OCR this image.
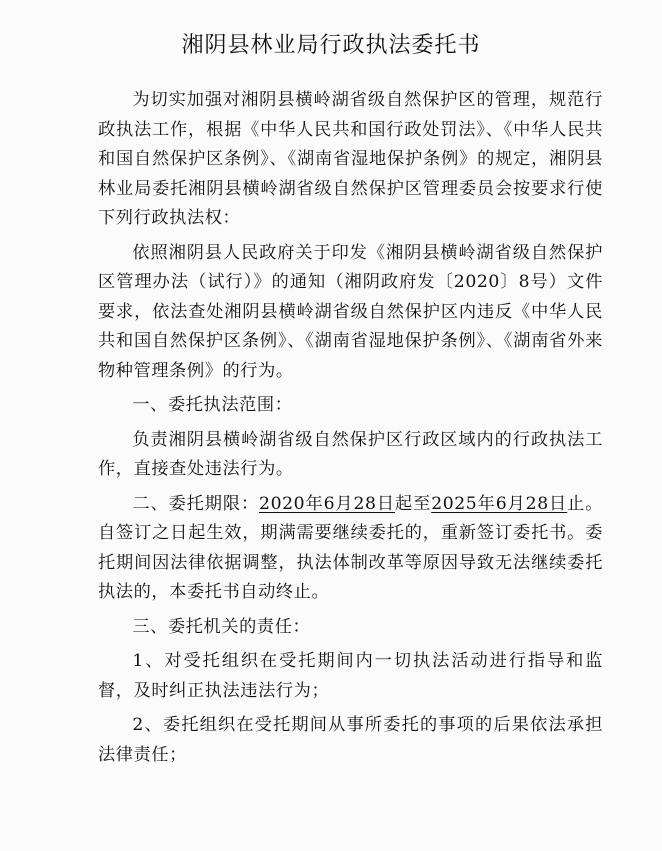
湘阴县林业局行政执法委托书

为切实加强对湘阴县横岭湖省级自然保护区的管理，规范行政执法工作，根据《中华人民共和国行政处罚法》、《中华人民共和国自然保护区条例》、《湖南省湿地保护条例》的规定，湘阴县林业局委托湘阴县横岭湖省级自然保护区管理委员会按要求行使下列行政执法权：

依照湘阴县人民政府关于印发《湘阴县横岭湖省级自然保护区管理办法（试行）》的通知（湘阴政府发〔2020〕8号）文件要求，依法查处湘阴县横岭湖省级自然保护区内违反《中华人民共和国自然保护区条例》、《湖南省湿地保护条例》、《湖南省外来物种管理条例》的行为。

一、委托执法范围：

负责湘阴县横岭湖省级自然保护区行政区域内的行政执法工作，直接查处违法行为。

二、委托期限：2020年6月28日起至2025年6月28日止。自签订之日起生效，期满需要继续委托的，重新签订委托书。委托期间因法律依据调整，执法体制改革等原因导致无法继续委托执法的，本委托书自动终止。

三、委托机关的责任：

1、对受托组织在受托期间内一切执法活动进行指导和监督，及时纠正执法违法行为；

2、委托组织在受托期间从事所委托的事项的后果依法承担法律责任；
